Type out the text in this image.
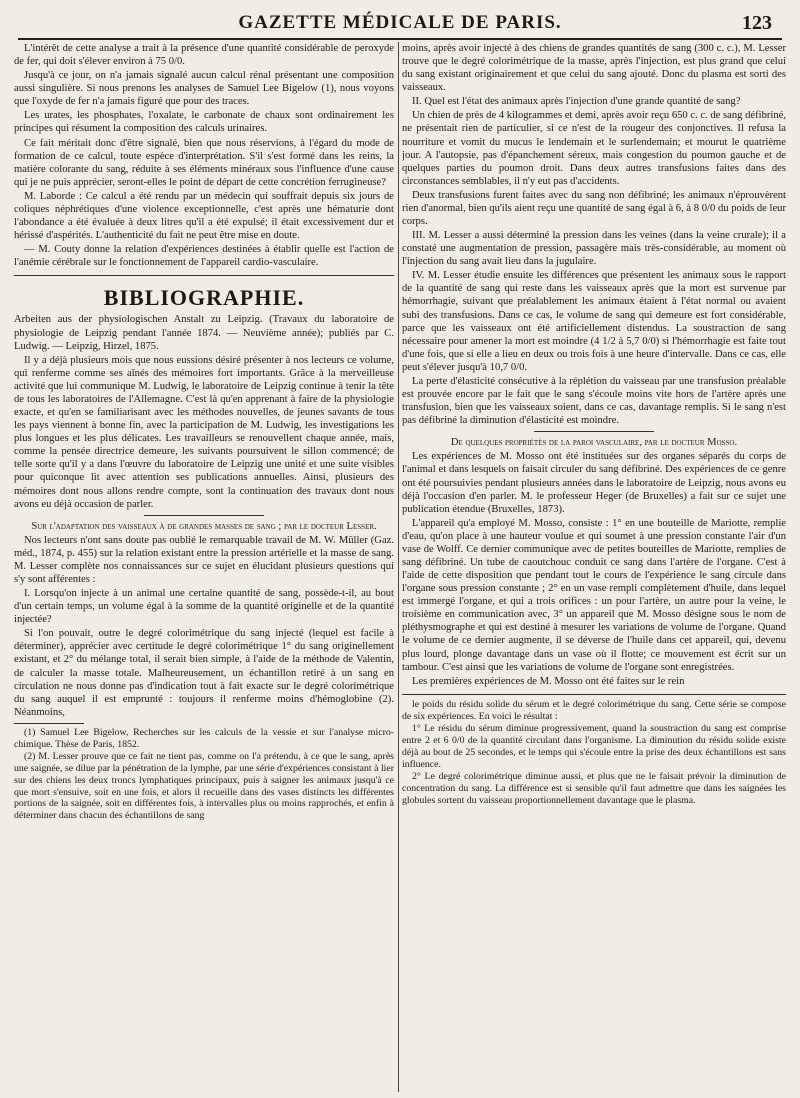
GAZETTE MÉDICALE DE PARIS.	123

L'intérêt de cette analyse a trait à la présence d'une quantité considérable de peroxyde de fer, qui doit s'élever environ à 75 0/0.

Jusqu'à ce jour, on n'a jamais signalé aucun calcul rénal présentant une composition aussi singulière. Si nous prenons les analyses de Samuel Lee Bigelow (1), nous voyons que l'oxyde de fer n'a jamais figuré que pour des traces.

Les urates, les phosphates, l'oxalate, le carbonate de chaux sont ordinairement les principes qui résument la composition des calculs urinaires.

Ce fait méritait donc d'être signalé, bien que nous réservions, à l'égard du mode de formation de ce calcul, toute espèce d'interprétation. S'il s'est formé dans les reins, la matière colorante du sang, réduite à ses éléments minéraux sous l'influence d'une cause qui je ne puis apprécier, seront-elles le point de départ de cette concrétion ferrugineuse?

M. Laborde : Ce calcul a été rendu par un médecin qui souffrait depuis six jours de coliques néphrétiques d'une violence exceptionnelle, c'est après une hématurie dont l'abondance a été évaluée à deux litres qu'il a été expulsé; il était excessivement dur et hérissé d'aspérités. L'authenticité du fait ne peut être mise en doute.

— M. Couty donne la relation d'expériences destinées à établir quelle est l'action de l'anémie cérébrale sur le fonctionnement de l'appareil cardio-vasculaire.

BIBLIOGRAPHIE.

Arbeiten aus der physiologischen Anstalt zu Leipzig. (Travaux du laboratoire de physiologie de Leipzig pendant l'année 1874. — Neuvième année); publiés par C. Ludwig. — Leipzig, Hirzel, 1875.

Il y a déjà plusieurs mois que nous eussions désiré présenter à nos lecteurs ce volume, qui renferme comme ses aînés des mémoires fort importants. Grâce à la merveilleuse activité que lui communique M. Ludwig, le laboratoire de Leipzig continue à tenir la tête de tous les laboratoires de l'Allemagne. C'est là qu'en apprenant à faire de la physiologie exacte, et qu'en se familiarisant avec les méthodes nouvelles, de jeunes savants de tous les pays viennent à bonne fin, avec la participation de M. Ludwig, les investigations les plus longues et les plus délicates. Les travailleurs se renouvellent chaque année, mais, comme la pensée directrice demeure, les suivants poursuivent le sillon commencé; de telle sorte qu'il y a dans l'œuvre du laboratoire de Leipzig une unité et une suite visibles pour quiconque lit avec attention ses publications annuelles. Ainsi, plusieurs des mémoires dont nous allons rendre compte, sont la continuation des travaux dont nous avons eu déjà occasion de parler.

Sur l'adaptation des vaisseaux à de grandes masses de sang ; par le docteur Lesser.

Nos lecteurs n'ont sans doute pas oublié le remarquable travail de M. W. Müller (Gaz. méd., 1874, p. 455) sur la relation existant entre la pression artérielle et la masse de sang. M. Lesser complète nos connaissances sur ce sujet en élucidant plusieurs questions qui s'y sont afférentes :

I. Lorsqu'on injecte à un animal une certaine quantité de sang, possède-t-il, au bout d'un certain temps, un volume égal à la somme de la quantité originelle et de la quantité injectée?

Si l'on pouvait, outre le degré colorimétrique du sang injecté (lequel est facile à déterminer), apprécier avec certitude le degré colorimétrique 1° du sang originellement existant, et 2° du mélange total, il serait bien simple, à l'aide de la méthode de Valentin, de calculer la masse totale. Malheureusement, un échantillon retiré à un sang en circulation ne nous donne pas d'indication tout à fait exacte sur le degré colorimétrique du sang auquel il est emprunté : toujours il renferme moins d'hémoglobine (2). Néanmoins,

(1) Samuel Lee Bigelow, Recherches sur les calculs de la vessie et sur l'analyse micro-chimique. Thèse de Paris, 1852.

(2) M. Lesser prouve que ce fait ne tient pas, comme on l'a prétendu, à ce que le sang, après une saignée, se dilue par la pénétration de la lymphe, par une série d'expériences consistant à lier sur des chiens les deux troncs lymphatiques principaux, puis à saigner les animaux jusqu'à ce que mort s'ensuive, soit en une fois, et alors il recueille dans des vases distincts les différentes portions de la saignée, soit en différentes fois, à intervalles plus ou moins rapprochés, et enfin à déterminer dans chacun des échantillons de sang

moins, après avoir injecté à des chiens de grandes quantités de sang (300 c. c.), M. Lesser trouve que le degré colorimétrique de la masse, après l'injection, est plus grand que celui du sang existant originairement et que celui du sang ajouté. Donc du plasma est sorti des vaisseaux.

II. Quel est l'état des animaux après l'injection d'une grande quantité de sang?

Un chien de près de 4 kilogrammes et demi, après avoir reçu 650 c. c. de sang défibriné, ne présentait rien de particulier, si ce n'est de la rougeur des conjonctives. Il refusa la nourriture et vomit du mucus le lendemain et le surlendemain; et mourut le quatrième jour. A l'autopsie, pas d'épanchement séreux, mais congestion du poumon gauche et de quelques parties du poumon droit. Dans deux autres transfusions faites dans des circonstances semblables, il n'y eut pas d'accidents.

Deux transfusions furent faites avec du sang non défibriné; les animaux n'éprouvèrent rien d'anormal, bien qu'ils aient reçu une quantité de sang égal à 6, à 8 0/0 du poids de leur corps.

III. M. Lesser a aussi déterminé la pression dans les veines (dans la veine crurale); il a constaté une augmentation de pression, passagère mais très-considérable, au moment où l'injection du sang avait lieu dans la jugulaire.

IV. M. Lesser étudie ensuite les différences que présentent les animaux sous le rapport de la quantité de sang qui reste dans les vaisseaux après que la mort est survenue par hémorrhagie, suivant que préalablement les animaux étaient à l'état normal ou avaient subi des transfusions. Dans ce cas, le volume de sang qui demeure est fort considérable, parce que les vaisseaux ont été artificiellement distendus. La soustraction de sang nécessaire pour amener la mort est moindre (4 1/2 à 5,7 0/0) si l'hémorrhagie est faite tout d'une fois, que si elle a lieu en deux ou trois fois à une heure d'intervalle. Dans ce cas, elle peut s'élever jusqu'à 10,7 0/0.

La perte d'élasticité consécutive à la réplétion du vaisseau par une transfusion préalable est prouvée encore par le fait que le sang s'écoule moins vite hors de l'artère après une transfusion, bien que les vaisseaux soient, dans ce cas, davantage remplis. Si le sang n'est pas défibriné la diminution d'élasticité est moindre.

De quelques propriétés de la paroi vasculaire, par le docteur Mosso.

Les expériences de M. Mosso ont été instituées sur des organes séparés du corps de l'animal et dans lesquels on faisait circuler du sang défibriné. Des expériences de ce genre ont été poursuivies pendant plusieurs années dans le laboratoire de Leipzig, nous avons eu déjà l'occasion d'en parler. M. le professeur Heger (de Bruxelles) a fait sur ce sujet une publication étendue (Bruxelles, 1873).

L'appareil qu'a employé M. Mosso, consiste : 1° en une bouteille de Mariotte, remplie d'eau, qu'on place à une hauteur voulue et qui soumet à une pression constante l'air d'un vase de Wolff. Ce dernier communique avec de petites bouteilles de Mariotte, remplies de sang défibriné. Un tube de caoutchouc conduit ce sang dans l'artère de l'organe. C'est à l'aide de cette disposition que pendant tout le cours de l'expérience le sang circule dans l'organe sous pression constante ; 2° en un vase rempli complètement d'huile, dans lequel est immergé l'organe, et qui a trois orifices : un pour l'artère, un autre pour la veine, le troisième en communication avec, 3° un appareil que M. Mosso désigne sous le nom de pléthysmographe et qui est destiné à mesurer les variations de volume de l'organe. Quand le volume de ce dernier augmente, il se déverse de l'huile dans cet appareil, qui, devenu plus lourd, plonge davantage dans un vase où il flotte; ce mouvement est écrit sur un tambour. C'est ainsi que les variations de volume de l'organe sont enregistrées.

Les premières expériences de M. Mosso ont été faites sur le rein

le poids du résidu solide du sérum et le degré colorimétrique du sang. Cette série se compose de six expériences. En voici le résultat :

1° Le résidu du sérum diminue progressivement, quand la soustraction du sang est comprise entre 2 et 6 0/0 de la quantité circulant dans l'organisme. La diminution du résidu solide existe déjà au bout de 25 secondes, et le temps qui s'écoule entre la prise des deux échantillons est sans influence.

2° Le degré colorimétrique diminue aussi, et plus que ne le faisait prévoir la diminution de concentration du sang. La différence est si sensible qu'il faut admettre que dans les saignées les globules sortent du vaisseau proportionnellement davantage que le plasma.
